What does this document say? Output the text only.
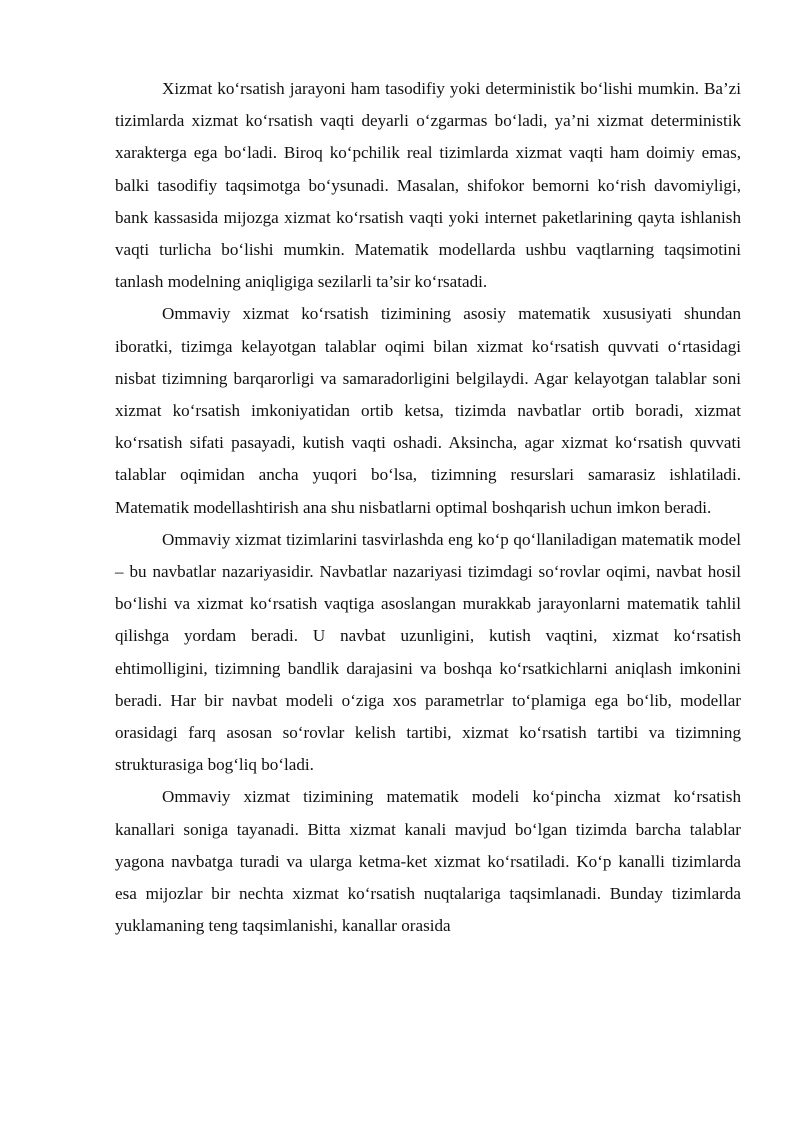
Xizmat ko‘rsatish jarayoni ham tasodifiy yoki deterministik bo‘lishi mumkin. Ba’zi tizimlarda xizmat ko‘rsatish vaqti deyarli o‘zgarmas bo‘ladi, ya’ni xizmat deterministik xarakterga ega bo‘ladi. Biroq ko‘pchilik real tizimlarda xizmat vaqti ham doimiy emas, balki tasodifiy taqsimotga bo‘ysunadi. Masalan, shifokor bemorni ko‘rish davomiyligi, bank kassasida mijozga xizmat ko‘rsatish vaqti yoki internet paketlarining qayta ishlanish vaqti turlicha bo‘lishi mumkin. Matematik modellarda ushbu vaqtlarning taqsimotini tanlash modelning aniqligiga sezilarli ta’sir ko‘rsatadi.

Ommaviy xizmat ko‘rsatish tizimining asosiy matematik xususiyati shundan iboratki, tizimga kelayotgan talablar oqimi bilan xizmat ko‘rsatish quvvati o‘rtasidagi nisbat tizimning barqarorligi va samaradorligini belgilaydi. Agar kelayotgan talablar soni xizmat ko‘rsatish imkoniyatidan ortib ketsa, tizimda navbatlar ortib boradi, xizmat ko‘rsatish sifati pasayadi, kutish vaqti oshadi. Aksincha, agar xizmat ko‘rsatish quvvati talablar oqimidan ancha yuqori bo‘lsa, tizimning resurslari samarasiz ishlatiladi. Matematik modellashtirish ana shu nisbatlarni optimal boshqarish uchun imkon beradi.

Ommaviy xizmat tizimlarini tasvirlashda eng ko‘p qo‘llaniladigan matematik model – bu navbatlar nazariyasidir. Navbatlar nazariyasi tizimdagi so‘rovlar oqimi, navbat hosil bo‘lishi va xizmat ko‘rsatish vaqtiga asoslangan murakkab jarayonlarni matematik tahlil qilishga yordam beradi. U navbat uzunligini, kutish vaqtini, xizmat ko‘rsatish ehtimolligini, tizimning bandlik darajasini va boshqa ko‘rsatkichlarni aniqlash imkonini beradi. Har bir navbat modeli o‘ziga xos parametrlar to‘plamiga ega bo‘lib, modellar orasidagi farq asosan so‘rovlar kelish tartibi, xizmat ko‘rsatish tartibi va tizimning strukturasiga bog‘liq bo‘ladi.

Ommaviy xizmat tizimining matematik modeli ko‘pincha xizmat ko‘rsatish kanallari soniga tayanadi. Bitta xizmat kanali mavjud bo‘lgan tizimda barcha talablar yagona navbatga turadi va ularga ketma-ket xizmat ko‘rsatiladi. Ko‘p kanalli tizimlarda esa mijozlar bir nechta xizmat ko‘rsatish nuqtalariga taqsimlanadi. Bunday tizimlarda yuklamaning teng taqsimlanishi, kanallar orasida
